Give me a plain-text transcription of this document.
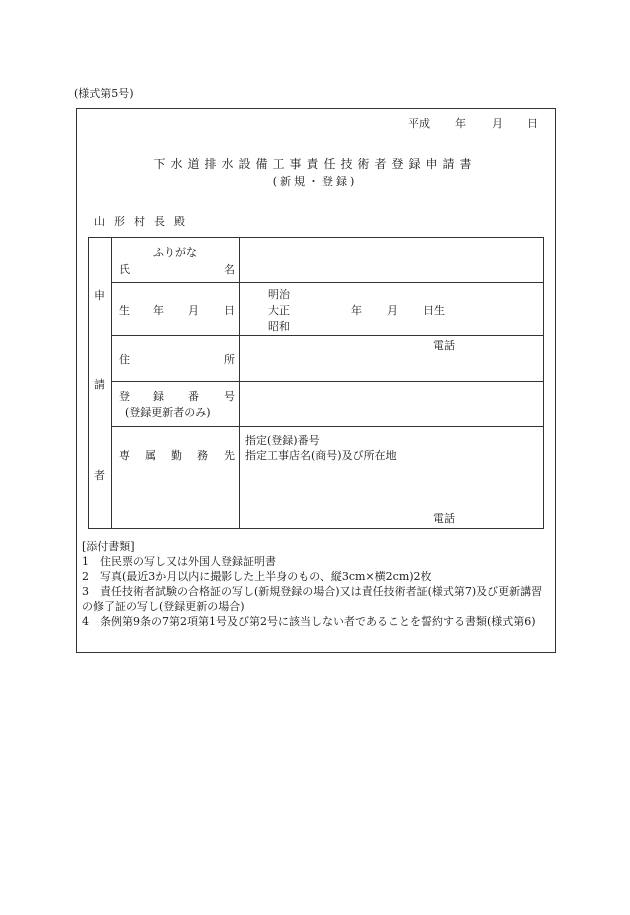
(様式第5号)
平成 年 月 日
下水道排水設備工事責任技術者登録申請書
(新規・登録)
山形村長殿
申
請
者
ふりがな
氏	名
生 年 月 日
明治
大正
昭和
年 月 日生
住	所
電話
登 録 番 号
(登録更新者のみ)
専 属 勤 務 先
指定(登録)番号
指定工事店名(商号)及び所在地
電話
[添付書類]
1　住民票の写し又は外国人登録証明書
2　写真(最近3か月以内に撮影した上半身のもの、縦3cm×横2cm)2枚
3　責任技術者試験の合格証の写し(新規登録の場合)又は責任技術者証(様式第7)及び更新講習の修了証の写し(登録更新の場合)
4　条例第9条の7第2項第1号及び第2号に該当しない者であることを誓約する書類(様式第6)
